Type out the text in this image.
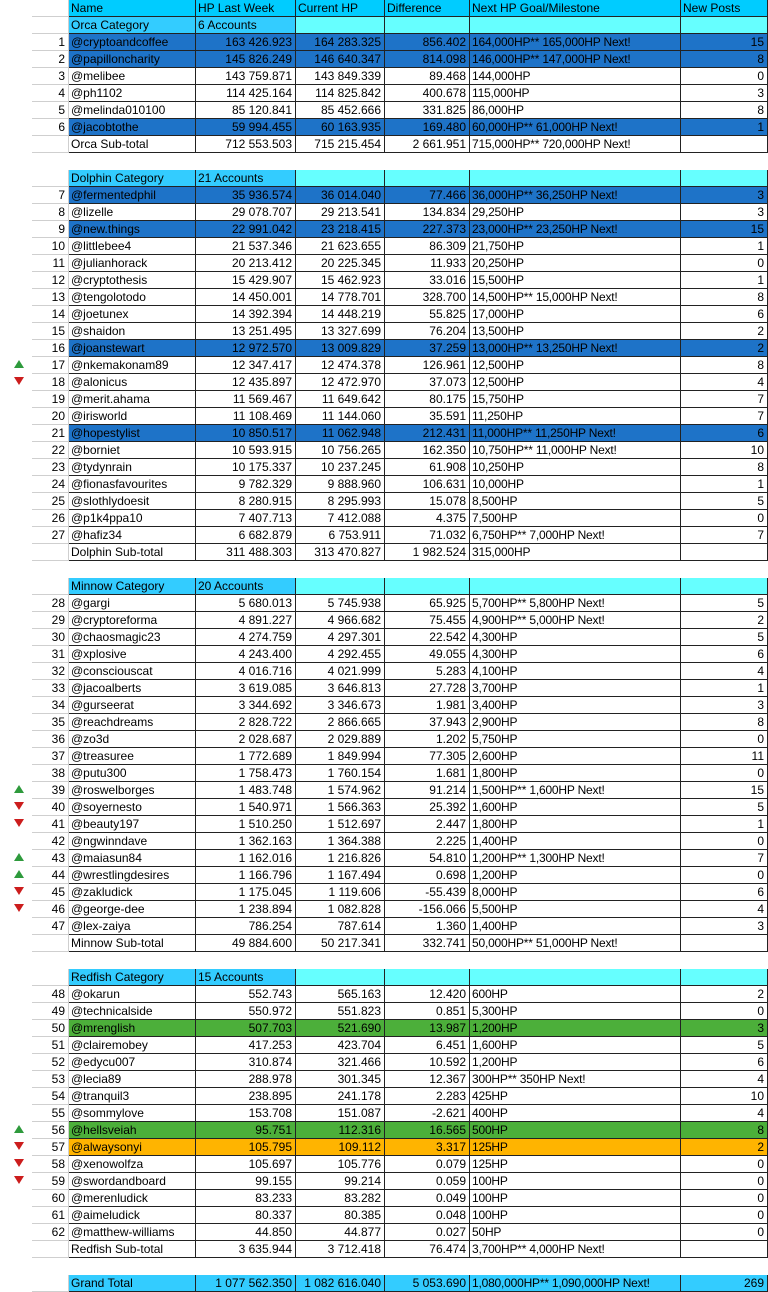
Name	HP Last Week	Current HP	Difference	Next HP Goal/Milestone	New Posts
Orca Category	6 Accounts
1 @cryptoandcoffee	163 426.923	164 283.325	856.402 164,000HP** 165,000HP Next!	15
2 @papilloncharity	145 826.249	146 640.347	814.098 146,000HP** 147,000HP Next!	8
3 @melibee	143 759.871	143 849.339	89.468 144,000HP	0
4 @ph1102	114 425.164	114 825.842	400.678 115,000HP	3
5 @melinda010100	85 120.841	85 452.666	331.825 86,000HP	8
6 @jacobtothe	59 994.455	60 163.935	169.480 60,000HP** 61,000HP Next!	1
Orca Sub-total	712 553.503	715 215.454	2 661.951 715,000HP** 720,000HP Next!
Dolphin Category	21 Accounts
7 @fermentedphil	35 936.574	36 014.040	77.466 36,000HP** 36,250HP Next!	3
8 @lizelle	29 078.707	29 213.541	134.834 29,250HP	3
9 @new.things	22 991.042	23 218.415	227.373 23,000HP** 23,250HP Next!	15
10 @littlebee4	21 537.346	21 623.655	86.309 21,750HP	1
11 @julianhorack	20 213.412	20 225.345	11.933 20,250HP	0
12 @cryptothesis	15 429.907	15 462.923	33.016 15,500HP	1
13 @tengolotodo	14 450.001	14 778.701	328.700 14,500HP** 15,000HP Next!	8
14 @joetunex	14 392.394	14 448.219	55.825 17,000HP	6
15 @shaidon	13 251.495	13 327.699	76.204 13,500HP	2
16 @joanstewart	12 972.570	13 009.829	37.259 13,000HP** 13,250HP Next!	2
17 @nkemakonam89	12 347.417	12 474.378	126.961 12,500HP	8
18 @alonicus	12 435.897	12 472.970	37.073 12,500HP	4
19 @merit.ahama	11 569.467	11 649.642	80.175 15,750HP	7
20 @irisworld	11 108.469	11 144.060	35.591 11,250HP	7
21 @hopestylist	10 850.517	11 062.948	212.431 11,000HP** 11,250HP Next!	6
22 @borniet	10 593.915	10 756.265	162.350 10,750HP** 11,000HP Next!	10
23 @tydynrain	10 175.337	10 237.245	61.908 10,250HP	8
24 @fionasfavourites	9 782.329	9 888.960	106.631 10,000HP	1
25 @slothlydoesit	8 280.915	8 295.993	15.078 8,500HP	5
26 @p1k4ppa10	7 407.713	7 412.088	4.375 7,500HP	0
27 @hafiz34	6 682.879	6 753.911	71.032 6,750HP** 7,000HP Next!	7
Dolphin Sub-total	311 488.303	313 470.827	1 982.524 315,000HP
Minnow Category	20 Accounts
28 @gargi	5 680.013	5 745.938	65.925 5,700HP** 5,800HP Next!	5
29 @cryptoreforma	4 891.227	4 966.682	75.455 4,900HP** 5,000HP Next!	2
30 @chaosmagic23	4 274.759	4 297.301	22.542 4,300HP	5
31 @xplosive	4 243.400	4 292.455	49.055 4,300HP	6
32 @consciouscat	4 016.716	4 021.999	5.283 4,100HP	4
33 @jacoalberts	3 619.085	3 646.813	27.728 3,700HP	1
34 @gurseerat	3 344.692	3 346.673	1.981 3,400HP	3
35 @reachdreams	2 828.722	2 866.665	37.943 2,900HP	8
36 @zo3d	2 028.687	2 029.889	1.202 5,750HP	0
37 @treasuree	1 772.689	1 849.994	77.305 2,600HP	11
38 @putu300	1 758.473	1 760.154	1.681 1,800HP	0
39 @roswelborges	1 483.748	1 574.962	91.214 1,500HP** 1,600HP Next!	15
40 @soyernesto	1 540.971	1 566.363	25.392 1,600HP	5
41 @beauty197	1 510.250	1 512.697	2.447 1,800HP	1
42 @ngwinndave	1 362.163	1 364.388	2.225 1,400HP	0
43 @maiasun84	1 162.016	1 216.826	54.810 1,200HP** 1,300HP Next!	7
44 @wrestlingdesires	1 166.796	1 167.494	0.698 1,200HP	0
45 @zakludick	1 175.045	1 119.606	-55.439 8,000HP	6
46 @george-dee	1 238.894	1 082.828	-156.066 5,500HP	4
47 @lex-zaiya	786.254	787.614	1.360 1,400HP	3
Minnow Sub-total	49 884.600	50 217.341	332.741 50,000HP** 51,000HP Next!
Redfish Category	15 Accounts
48 @okarun	552.743	565.163	12.420 600HP	2
49 @technicalside	550.972	551.823	0.851 5,300HP	0
50 @mrenglish	507.703	521.690	13.987 1,200HP	3
51 @clairemobey	417.253	423.704	6.451 1,600HP	5
52 @edycu007	310.874	321.466	10.592 1,200HP	6
53 @lecia89	288.978	301.345	12.367 300HP** 350HP Next!	4
54 @tranquil3	238.895	241.178	2.283 425HP	10
55 @sommylove	153.708	151.087	-2.621 400HP	4
56 @hellsveiah	95.751	112.316	16.565 500HP	8
57 @alwaysonyi	105.795	109.112	3.317 125HP	2
58 @xenowolfza	105.697	105.776	0.079 125HP	0
59 @swordandboard	99.155	99.214	0.059 100HP	0
60 @merenludick	83.233	83.282	0.049 100HP	0
61 @aimeludick	80.337	80.385	0.048 100HP	0
62 @matthew-williams	44.850	44.877	0.027 50HP	0
Redfish Sub-total	3 635.944	3 712.418	76.474 3,700HP** 4,000HP Next!
Grand Total	1 077 562.350	1 082 616.040	5 053.690 1,080,000HP** 1,090,000HP Next!	269
